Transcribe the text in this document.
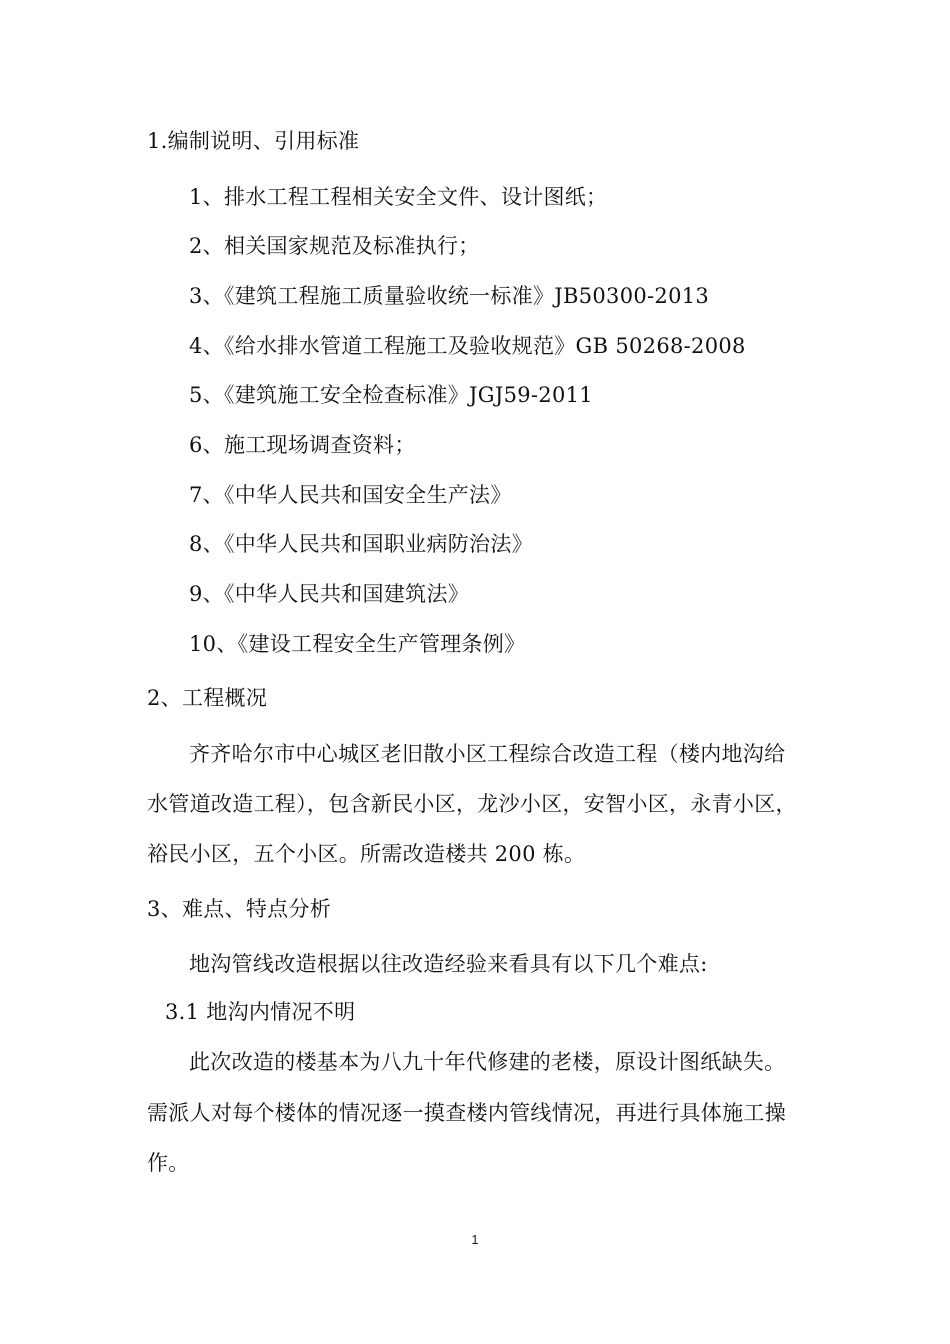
1.编制说明、引用标准
1、排水工程工程相关安全文件、设计图纸；
2、相关国家规范及标准执行；
3、《建筑工程施工质量验收统一标准》JB50300-2013
4、《给水排水管道工程施工及验收规范》GB 50268-2008
5、《建筑施工安全检查标准》JGJ59-2011
6、施工现场调查资料；
7、《中华人民共和国安全生产法》
8、《中华人民共和国职业病防治法》
9、《中华人民共和国建筑法》
10、《建设工程安全生产管理条例》
2、工程概况
齐齐哈尔市中心城区老旧散小区工程综合改造工程（楼内地沟给
水管道改造工程），包含新民小区，龙沙小区，安智小区，永青小区，
裕民小区，五个小区。所需改造楼共 200 栋。
3、难点、特点分析
地沟管线改造根据以往改造经验来看具有以下几个难点:
3.1 地沟内情况不明
此次改造的楼基本为八九十年代修建的老楼，原设计图纸缺失。
需派人对每个楼体的情况逐一摸查楼内管线情况，再进行具体施工操
作。
1
